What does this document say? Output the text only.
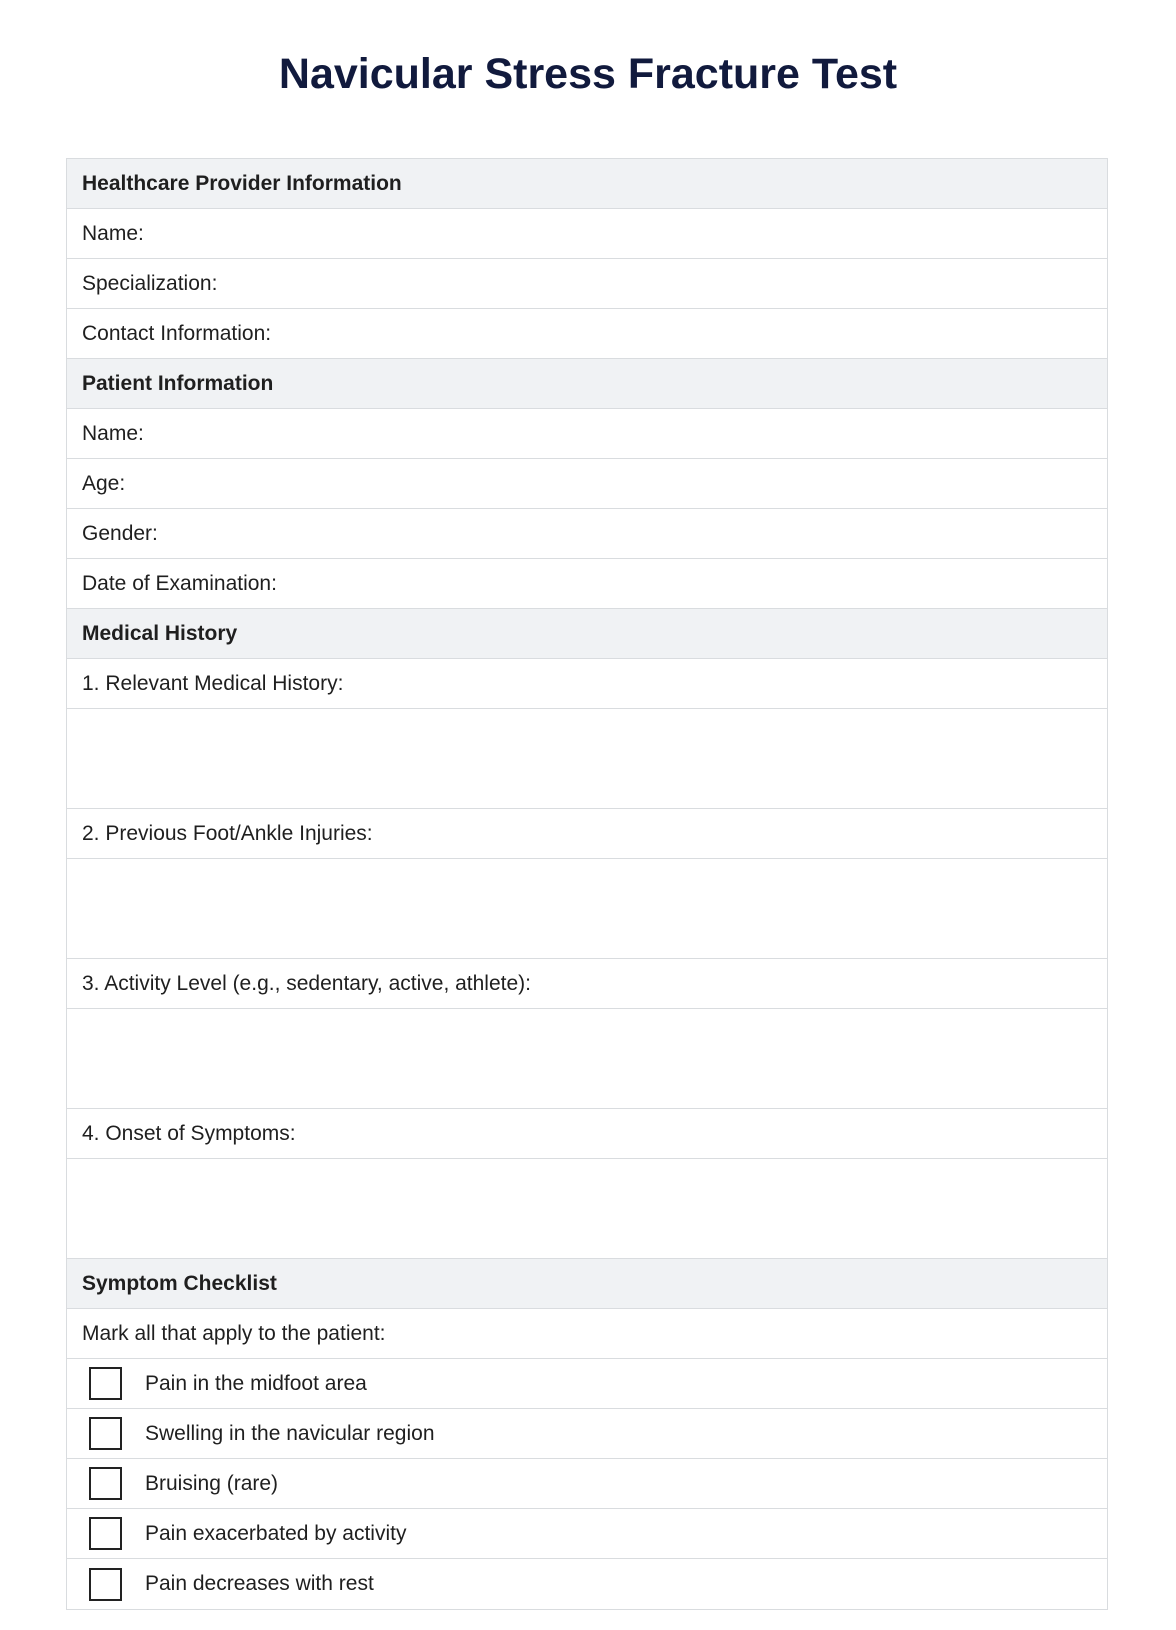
Navicular Stress Fracture Test
Healthcare Provider Information
Name:
Specialization:
Contact Information:
Patient Information
Name:
Age:
Gender:
Date of Examination:
Medical History
1. Relevant Medical History:
2. Previous Foot/Ankle Injuries:
3. Activity Level (e.g., sedentary, active, athlete):
4. Onset of Symptoms:
Symptom Checklist
Mark all that apply to the patient:
Pain in the midfoot area
Swelling in the navicular region
Bruising (rare)
Pain exacerbated by activity
Pain decreases with rest
